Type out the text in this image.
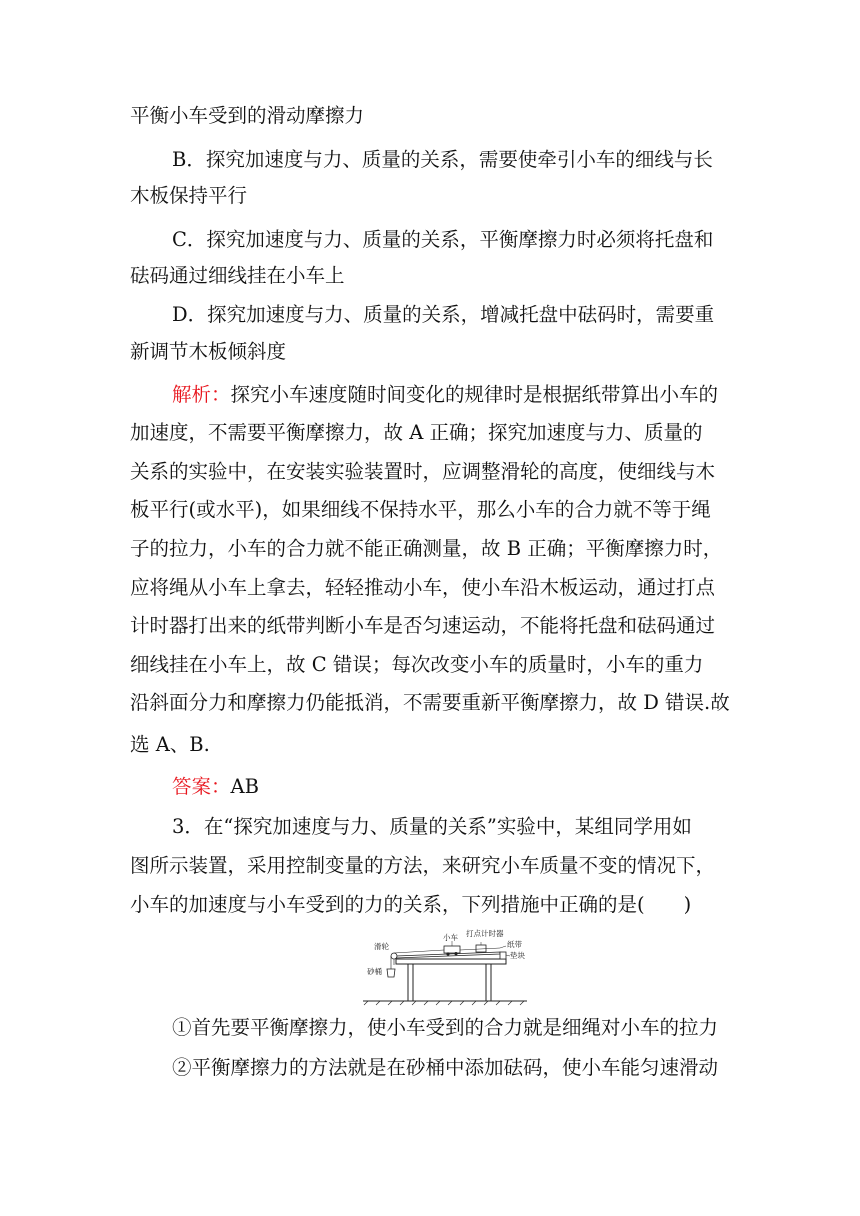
平衡小车受到的滑动摩擦力
B．探究加速度与力、质量的关系，需要使牵引小车的细线与长
木板保持平行
C．探究加速度与力、质量的关系，平衡摩擦力时必须将托盘和
砝码通过细线挂在小车上
D．探究加速度与力、质量的关系，增减托盘中砝码时，需要重
新调节木板倾斜度
解析：探究小车速度随时间变化的规律时是根据纸带算出小车的
加速度，不需要平衡摩擦力，故 A 正确；探究加速度与力、质量的
关系的实验中，在安装实验装置时，应调整滑轮的高度，使细线与木
板平行(或水平)，如果细线不保持水平，那么小车的合力就不等于绳
子的拉力，小车的合力就不能正确测量，故 B 正确；平衡摩擦力时，
应将绳从小车上拿去，轻轻推动小车，使小车沿木板运动，通过打点
计时器打出来的纸带判断小车是否匀速运动，不能将托盘和砝码通过
细线挂在小车上，故 C 错误；每次改变小车的质量时，小车的重力
沿斜面分力和摩擦力仍能抵消，不需要重新平衡摩擦力，故 D 错误.故
选 A、B.
答案：AB
3．在“探究加速度与力、质量的关系”实验中，某组同学用如
图所示装置，采用控制变量的方法，来研究小车质量不变的情况下，
小车的加速度与小车受到的力的关系，下列措施中正确的是(　　)
打点计时器
小车
滑轮	纸带
垫块
砂桶
①首先要平衡摩擦力，使小车受到的合力就是细绳对小车的拉力
②平衡摩擦力的方法就是在砂桶中添加砝码，使小车能匀速滑动
